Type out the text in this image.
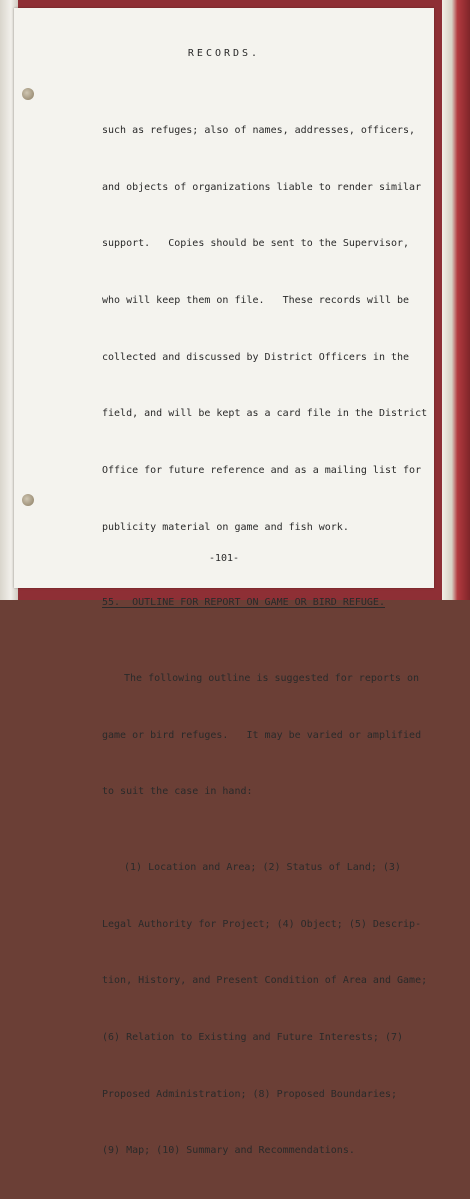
RECORDS.

such as refuges; also of names, addresses, officers,

and objects of organizations liable to render similar

support.   Copies should be sent to the Supervisor,

who will keep them on file.   These records will be

collected and discussed by District Officers in the

field, and will be kept as a card file in the District

Office for future reference and as a mailing list for

publicity material on game and fish work.

55. OUTLINE FOR REPORT ON GAME OR BIRD REFUGE.

The following outline is suggested for reports on

game or bird refuges.   It may be varied or amplified

to suit the case in hand:

(1) Location and Area; (2) Status of Land; (3)

Legal Authority for Project; (4) Object; (5) Descrip-

tion, History, and Present Condition of Area and Game;

(6) Relation to Existing and Future Interests; (7)

Proposed Administration; (8) Proposed Boundaries;

(9) Map; (10) Summary and Recommendations.

-101-
